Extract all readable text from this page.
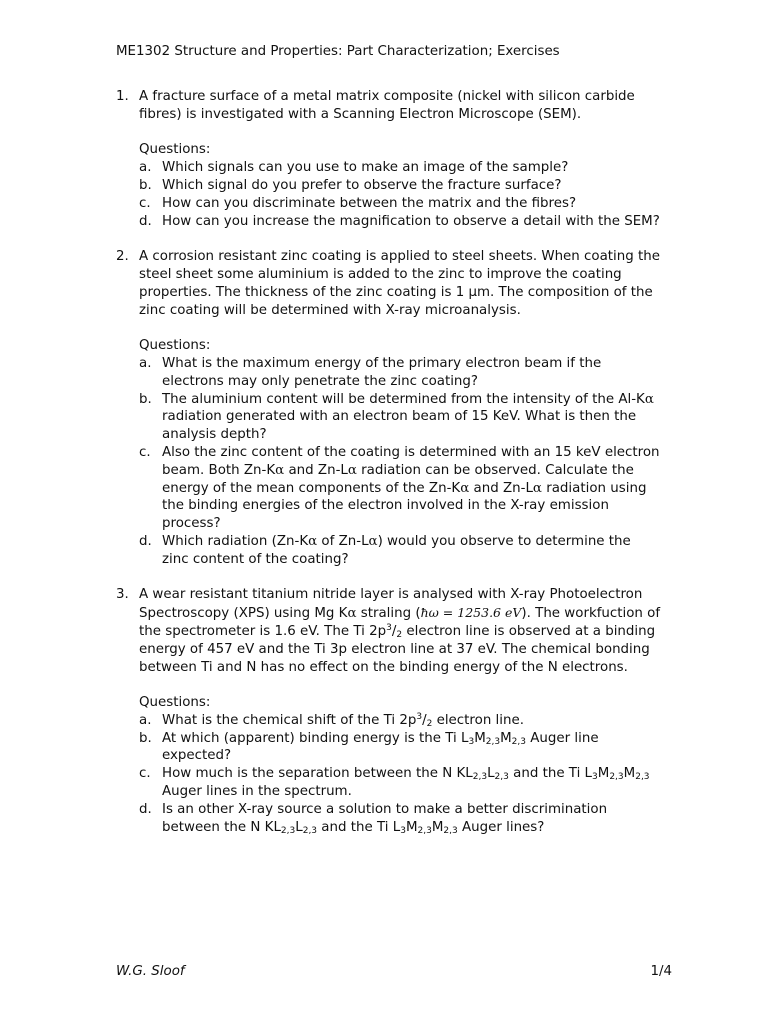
ME1302 Structure and Properties: Part Characterization; Exercises
1. A fracture surface of a metal matrix composite (nickel with silicon carbide fibres) is investigated with a Scanning Electron Microscope (SEM).

Questions:

a. Which signals can you use to make an image of the sample?
b. Which signal do you prefer to observe the fracture surface?
c. How can you discriminate between the matrix and the fibres?
d. How can you increase the magnification to observe a detail with the SEM?
2. A corrosion resistant zinc coating is applied to steel sheets. When coating the steel sheet some aluminium is added to the zinc to improve the coating properties. The thickness of the zinc coating is 1 µm. The composition of the zinc coating will be determined with X-ray microanalysis.

Questions:

a. What is the maximum energy of the primary electron beam if the electrons may only penetrate the zinc coating?
b. The aluminium content will be determined from the intensity of the Al-Kα radiation generated with an electron beam of 15 KeV. What is then the analysis depth?
c. Also the zinc content of the coating is determined with an 15 keV electron beam. Both Zn-Kα and Zn-Lα radiation can be observed. Calculate the energy of the mean components of the Zn-Kα and Zn-Lα radiation using the binding energies of the electron involved in the X-ray emission process?
d. Which radiation (Zn-Kα of Zn-Lα) would you observe to determine the zinc content of the coating?
3. A wear resistant titanium nitride layer is analysed with X-ray Photoelectron Spectroscopy (XPS) using Mg Kα straling (ħω = 1253.6 eV). The workfuction of the spectrometer is 1.6 eV. The Ti $2p^3/_2$ electron line is observed at a binding energy of 457 eV and the Ti 3p electron line at 37 eV. The chemical bonding between Ti and N has no effect on the binding energy of the N electrons.

Questions:

a. What is the chemical shift of the Ti $2p^3/_2$ electron line.
b. At which (apparent) binding energy is the Ti $L_3M_{2,3}M_{2,3}$ Auger line expected?
c. How much is the separation between the N $KL_{2,3}L_{2,3}$ and the Ti $L_3M_{2,3}M_{2,3}$ Auger lines in the spectrum.
d. Is an other X-ray source a solution to make a better discrimination between the N $KL_{2,3}L_{2,3}$ and the Ti $L_3M_{2,3}M_{2,3}$ Auger lines?
W.G. Sloof	1/4
